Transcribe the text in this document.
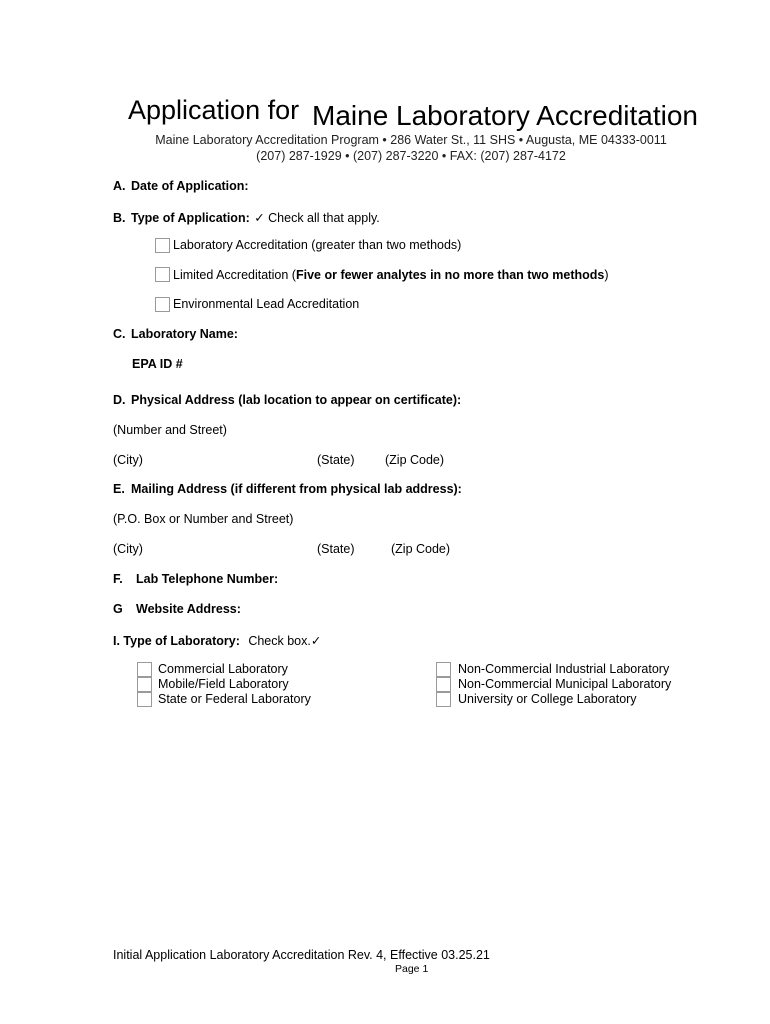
Application for Maine Laboratory Accreditation
Maine Laboratory Accreditation Program • 286 Water St., 11 SHS • Augusta, ME 04333-0011
(207) 287-1929 • (207) 287-3220 • FAX: (207) 287-4172
A. Date of Application:
B. Type of Application: ✓ Check all that apply.
Laboratory Accreditation (greater than two methods)
Limited Accreditation (Five or fewer analytes in no more than two methods)
Environmental Lead Accreditation
C. Laboratory Name:
EPA ID #
D. Physical Address (lab location to appear on certificate):
(Number and Street)
(City)	(State) (Zip Code)
E. Mailing Address (if different from physical lab address):
(P.O. Box or Number and Street)
(City)	(State)	(Zip Code)
F. Lab Telephone Number:
G Website Address:
I. Type of Laboratory: Check box.✓
Commercial Laboratory
Mobile/Field Laboratory
State or Federal Laboratory
Non-Commercial Industrial Laboratory
Non-Commercial Municipal Laboratory
University or College Laboratory
Initial Application Laboratory Accreditation Rev. 4, Effective 03.25.21
Page 1
